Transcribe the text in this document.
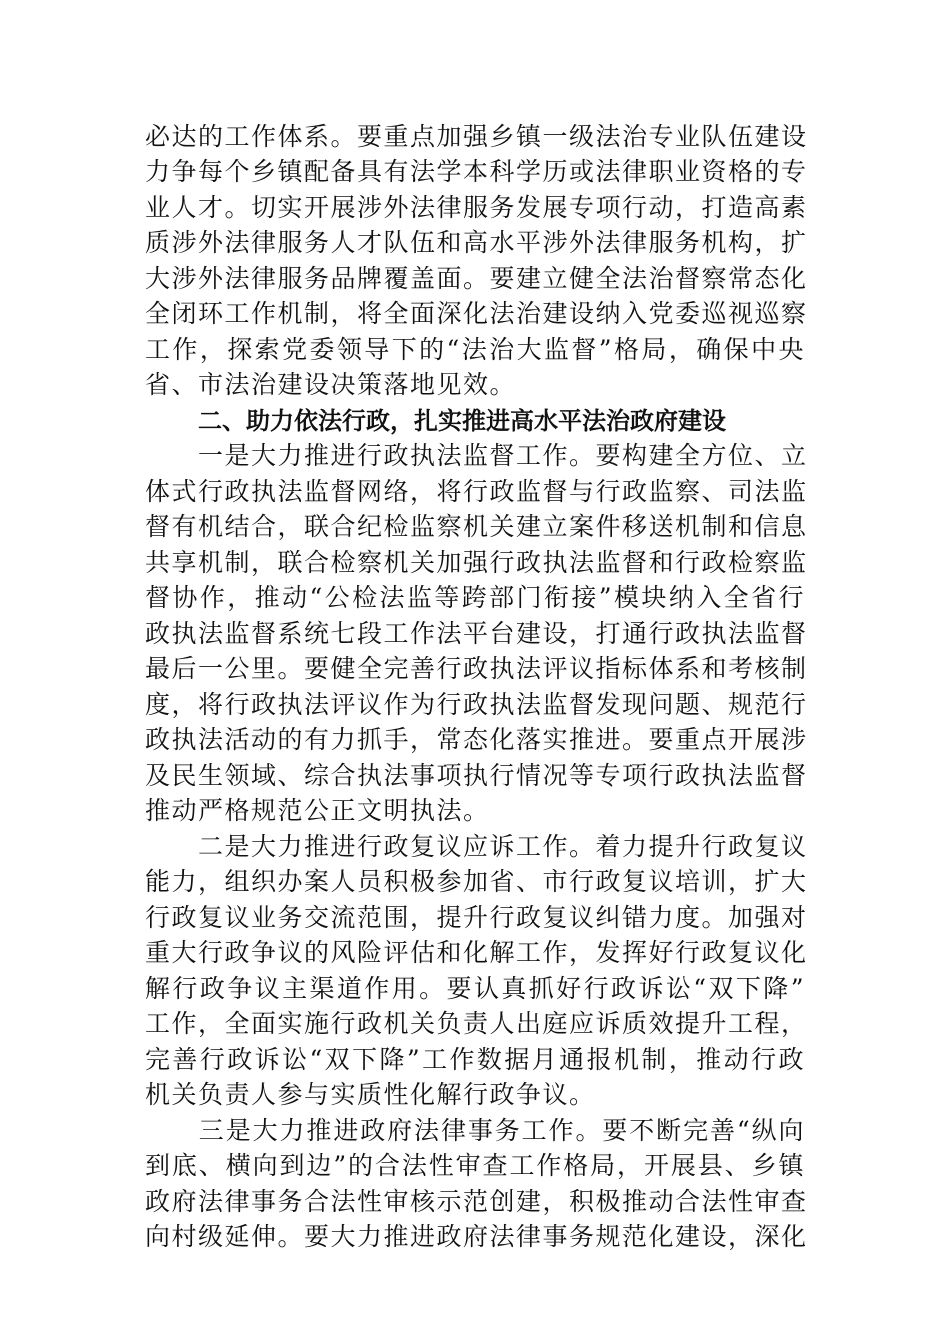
必达的工作体系。要重点加强乡镇一级法治专业队伍建设
力争每个乡镇配备具有法学本科学历或法律职业资格的专
业人才。切实开展涉外法律服务发展专项行动，打造高素
质涉外法律服务人才队伍和高水平涉外法律服务机构，扩
大涉外法律服务品牌覆盖面。要建立健全法治督察常态化
全闭环工作机制，将全面深化法治建设纳入党委巡视巡察
工作，探索党委领导下的“法治大监督”格局，确保中央
省、市法治建设决策落地见效。
二、助力依法行政，扎实推进高水平法治政府建设
　　一是大力推进行政执法监督工作。要构建全方位、立
体式行政执法监督网络，将行政监督与行政监察、司法监
督有机结合，联合纪检监察机关建立案件移送机制和信息
共享机制，联合检察机关加强行政执法监督和行政检察监
督协作，推动“公检法监等跨部门衔接”模块纳入全省行
政执法监督系统七段工作法平台建设，打通行政执法监督
最后一公里。要健全完善行政执法评议指标体系和考核制
度，将行政执法评议作为行政执法监督发现问题、规范行
政执法活动的有力抓手，常态化落实推进。要重点开展涉
及民生领域、综合执法事项执行情况等专项行政执法监督
推动严格规范公正文明执法。
　　二是大力推进行政复议应诉工作。着力提升行政复议
能力，组织办案人员积极参加省、市行政复议培训，扩大
行政复议业务交流范围，提升行政复议纠错力度。加强对
重大行政争议的风险评估和化解工作，发挥好行政复议化
解行政争议主渠道作用。要认真抓好行政诉讼“双下降”
工作，全面实施行政机关负责人出庭应诉质效提升工程，
完善行政诉讼“双下降”工作数据月通报机制，推动行政
机关负责人参与实质性化解行政争议。
　　三是大力推进政府法律事务工作。要不断完善“纵向
到底、横向到边”的合法性审查工作格局，开展县、乡镇
政府法律事务合法性审核示范创建，积极推动合法性审查
向村级延伸。要大力推进政府法律事务规范化建设，深化
